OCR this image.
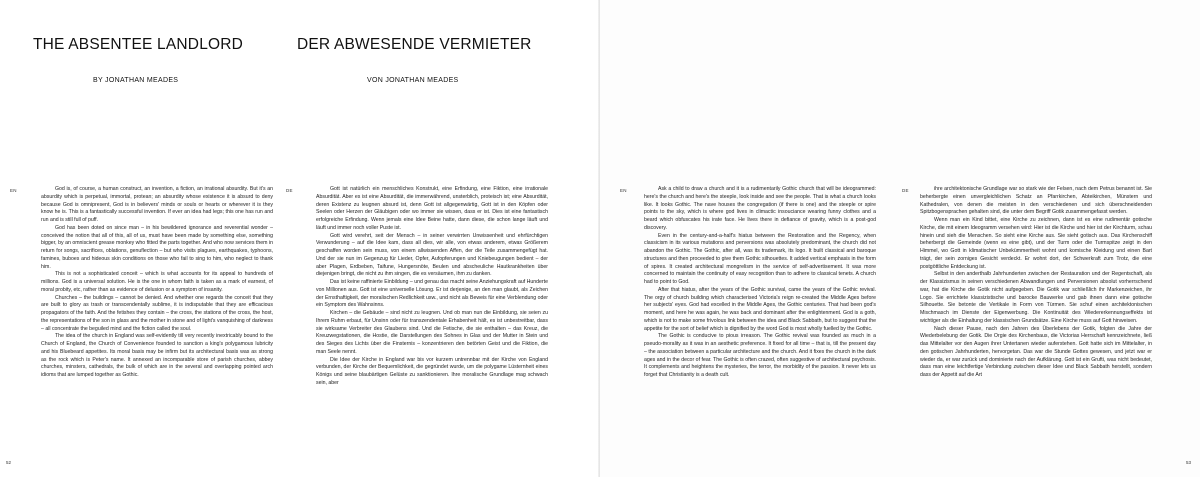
THE ABSENTEE LANDLORD	DER ABWESENDE VERMIETER
BY JONATHAN MEADES	VON JONATHAN MEADES
EN	DE

God is, of course, a human construct, an invention, a fiction, an irrational absurdity. But it's an absurdity which is perpetual, immortal, protean; an absurdity whose existence it is absurd to deny because God is omnipresent, God is in believers' minds or souls or hearts or wherever it is they know he is. This is a fantastically successful invention. If ever an idea had legs; this one has run and run and is still full of puff.

God has been doted on since man – in his bewildered ignorance and reverential wonder – conceived the notion that all of this, all of us, must have been made by something else, something bigger, by an omniscient grease monkey who fitted the parts together. And who now services them in return for songs, sacrifices, oblations, genuflection – but who visits plagues, earthquakes, typhoons, famines, buboes and hideous skin conditions on those who fail to sing to him, who neglect to thank him.

This is not a sophisticated conceit – which is what accounts for its appeal to hundreds of millions. God is a universal solution. He is the one in whom faith is taken as a mark of earnest, of moral probity, etc, rather than as evidence of delusion or a symptom of insanity.

Churches – the buildings – cannot be denied. And whether one regards the conceit that they are built to glory as trash or transcendentally sublime, it is indisputable that they are efficacious propagators of the faith. And the fetishes they contain – the cross, the stations of the cross, the host, the representations of the son in glass and the mother in stone and of light's vanquishing of darkness – all concentrate the beguiled mind and the fiction called the soul.

The idea of the church in England was self-evidently till very recently inextricably bound to the Church of England, the Church of Convenience founded to sanction a king's polygamous lubricity and his Bluebeard appetites. Its moral basis may be infirm but its architectural basis was as strong as the rock which is Peter's name. It annexed an incomparable store of parish churches, abbey churches, minsters, cathedrals, the bulk of which are in the several and overlapping pointed arch idioms that are lumped together as Gothic.

Gott ist natürlich ein menschliches Konstrukt, eine Erfindung, eine Fiktion, eine irrationale Absurdität. Aber es ist eine Absurdität, die immerwährend, unsterblich, proteisch ist; eine Absurdität, deren Existenz zu leugnen absurd ist, denn Gott ist allgegenwärtig, Gott ist in den Köpfen oder Seelen oder Herzen der Gläubigen oder wo immer sie wissen, dass er ist. Dies ist eine fantastisch erfolgreiche Erfindung. Wenn jemals eine Idee Beine hatte, dann diese, die schon lange läuft und läuft und immer noch voller Puste ist.

Gott wird verehrt, seit der Mensch – in seiner verwirrten Unwissenheit und ehrfürchtigen Verwunderung – auf die Idee kam, dass all dies, wir alle, von etwas anderem, etwas Größerem geschaffen worden sein muss, von einem allwissenden Affen, der die Teile zusammengefügt hat. Und der sie nun im Gegenzug für Lieder, Opfer, Aufopferungen und Kniebeugungen bedient – der aber Plagen, Erdbeben, Taifune, Hungersnöte, Beulen und abscheuliche Hautkrankheiten über diejenigen bringt, die nicht zu ihm singen, die es versäumen, ihm zu danken.

Das ist keine raffinierte Einbildung – und genau das macht seine Anziehungskraft auf Hunderte von Millionen aus. Gott ist eine universelle Lösung. Er ist derjenige, an den man glaubt, als Zeichen der Ernsthaftigkeit, der moralischen Redlichkeit usw., und nicht als Beweis für eine Verblendung oder ein Symptom des Wahnsinns.

Kirchen – die Gebäude – sind nicht zu leugnen. Und ob man nun die Einbildung, sie seien zu Ihrem Ruhm erbaut, für Unsinn oder für transzendentale Erhabenheit hält, es ist unbestreitbar, dass sie wirksame Verbreiter des Glaubens sind. Und die Fetische, die sie enthalten – das Kreuz, die Kreuzwegstationen, die Hostie, die Darstellungen des Sohnes in Glas und der Mutter in Stein und des Sieges des Lichts über die Finsternis – konzentrieren den betörten Geist und die Fiktion, die man Seele nennt.

Die Idee der Kirche in England war bis vor kurzem untrennbar mit der Kirche von England verbunden, der Kirche der Bequemlichkeit, die gegründet wurde, um die polygame Lüsternheit eines Königs und seine blaubärtigen Gelüste zu sanktionieren. Ihre moralische Grundlage mag schwach sein, aber

52
EN	DE

Ask a child to draw a church and it is a rudimentarily Gothic church that will be ideogrammed: here's the church and here's the steeple, look inside and see the people. That is what a church looks like. It looks Gothic. The nave houses the congregation (if there is one) and the steeple or spire points to the sky, which is where god lives in climactic insouciance wearing funny clothes and a beard which obfuscates his irate face. He lives there in defiance of gravity, which is a post-god discovery.

Even in the century-and-a-half's hiatus between the Restoration and the Regency, when classicism in its various mutations and perversions was absolutely predominant, the church did not abandon the Gothic. The Gothic, after all, was its trademark, its logo. It built classical and baroque structures and then proceeded to give them Gothic silhouettes. It added vertical emphasis in the form of spires. It created architectural mongrelism in the service of self-advertisement. It was more concerned to maintain the continuity of easy recognition than to adhere to classical tenets. A church had to point to God.

After that hiatus, after the years of the Gothic survival, came the years of the Gothic revival. The orgy of church building which characterised Victoria's reign re-created the Middle Ages before her subjects' eyes. God had excelled in the Middle Ages, the Gothic centuries. That had been god's moment, and here he was again, he was back and dominant after the enlightenment. God is a goth, which is not to make some frivolous link between the idea and Black Sabbath, but to suggest that the appetite for the sort of belief which is dignified by the word God is most wholly fuelled by the Gothic.

The Gothic is conducive to pious irreason. The Gothic revival was founded as much in a pseudo-morality as it was in an aesthetic preference. It fixed for all time – that is, till the present day – the association between a particular architecture and the church. And it fixes the church in the dark ages and in the decor of fear. The Gothic is often crazed, often suggestive of architectural psychosis. It complements and heightens the mysteries, the terror, the morbidity of the passion. It never lets us forget that Christianity is a death cult.

ihre architektonische Grundlage war so stark wie der Felsen, nach dem Petrus benannt ist. Sie beherbergte einen unvergleichlichen Schatz an Pfarrkirchen, Abteikirchen, Münstern und Kathedralen, von denen die meisten in den verschiedenen und sich überschneidenden Spitzbogensprachen gehalten sind, die unter dem Begriff Gotik zusammengefasst werden.

Wenn man ein Kind bittet, eine Kirche zu zeichnen, dann ist es eine rudimentär gotische Kirche, die mit einem Ideogramm versehen wird: Hier ist die Kirche und hier ist der Kirchturm, schau hinein und sieh die Menschen. So sieht eine Kirche aus. Sie sieht gotisch aus. Das Kirchenschiff beherbergt die Gemeinde (wenn es eine gibt), und der Turm oder die Turmspitze zeigt in den Himmel, wo Gott in klimatischer Unbekümmertheit wohnt und komische Kleidung und einen Bart trägt, der sein zorniges Gesicht verdeckt. Er wohnt dort, der Schwerkraft zum Trotz, die eine postgöttliche Entdeckung ist.

Selbst in den anderthalb Jahrhunderten zwischen der Restauration und der Regentschaft, als der Klassizismus in seinen verschiedenen Abwandlungen und Perversionen absolut vorherrschend war, hat die Kirche die Gotik nicht aufgegeben. Die Gotik war schließlich ihr Markenzeichen, ihr Logo. Sie errichtete klassizistische und barocke Bauwerke und gab ihnen dann eine gotische Silhouette. Sie betonte die Vertikale in Form von Türmen. Sie schuf einen architektonischen Mischmasch im Dienste der Eigenwerbung. Die Kontinuität des Wiedererkennungseffekts ist wichtiger als die Einhaltung der klassischen Grundsätze. Eine Kirche muss auf Gott hinweisen.

Nach dieser Pause, nach den Jahren des Überlebens der Gotik, folgten die Jahre der Wiederbelebung der Gotik. Die Orgie des Kirchenbaus, die Victorias Herrschaft kennzeichnete, ließ das Mittelalter vor den Augen ihrer Untertanen wieder auferstehen. Gott hatte sich im Mittelalter, in den gotischen Jahrhunderten, hervorgetan. Das war die Stunde Gottes gewesen, und jetzt war er wieder da, er war zurück und dominierte nach der Aufklärung. Gott ist ein Grufti, was nicht bedeutet, dass man eine leichtfertige Verbindung zwischen dieser Idee und Black Sabbath herstellt, sondern dass der Appetit auf die Art

53
